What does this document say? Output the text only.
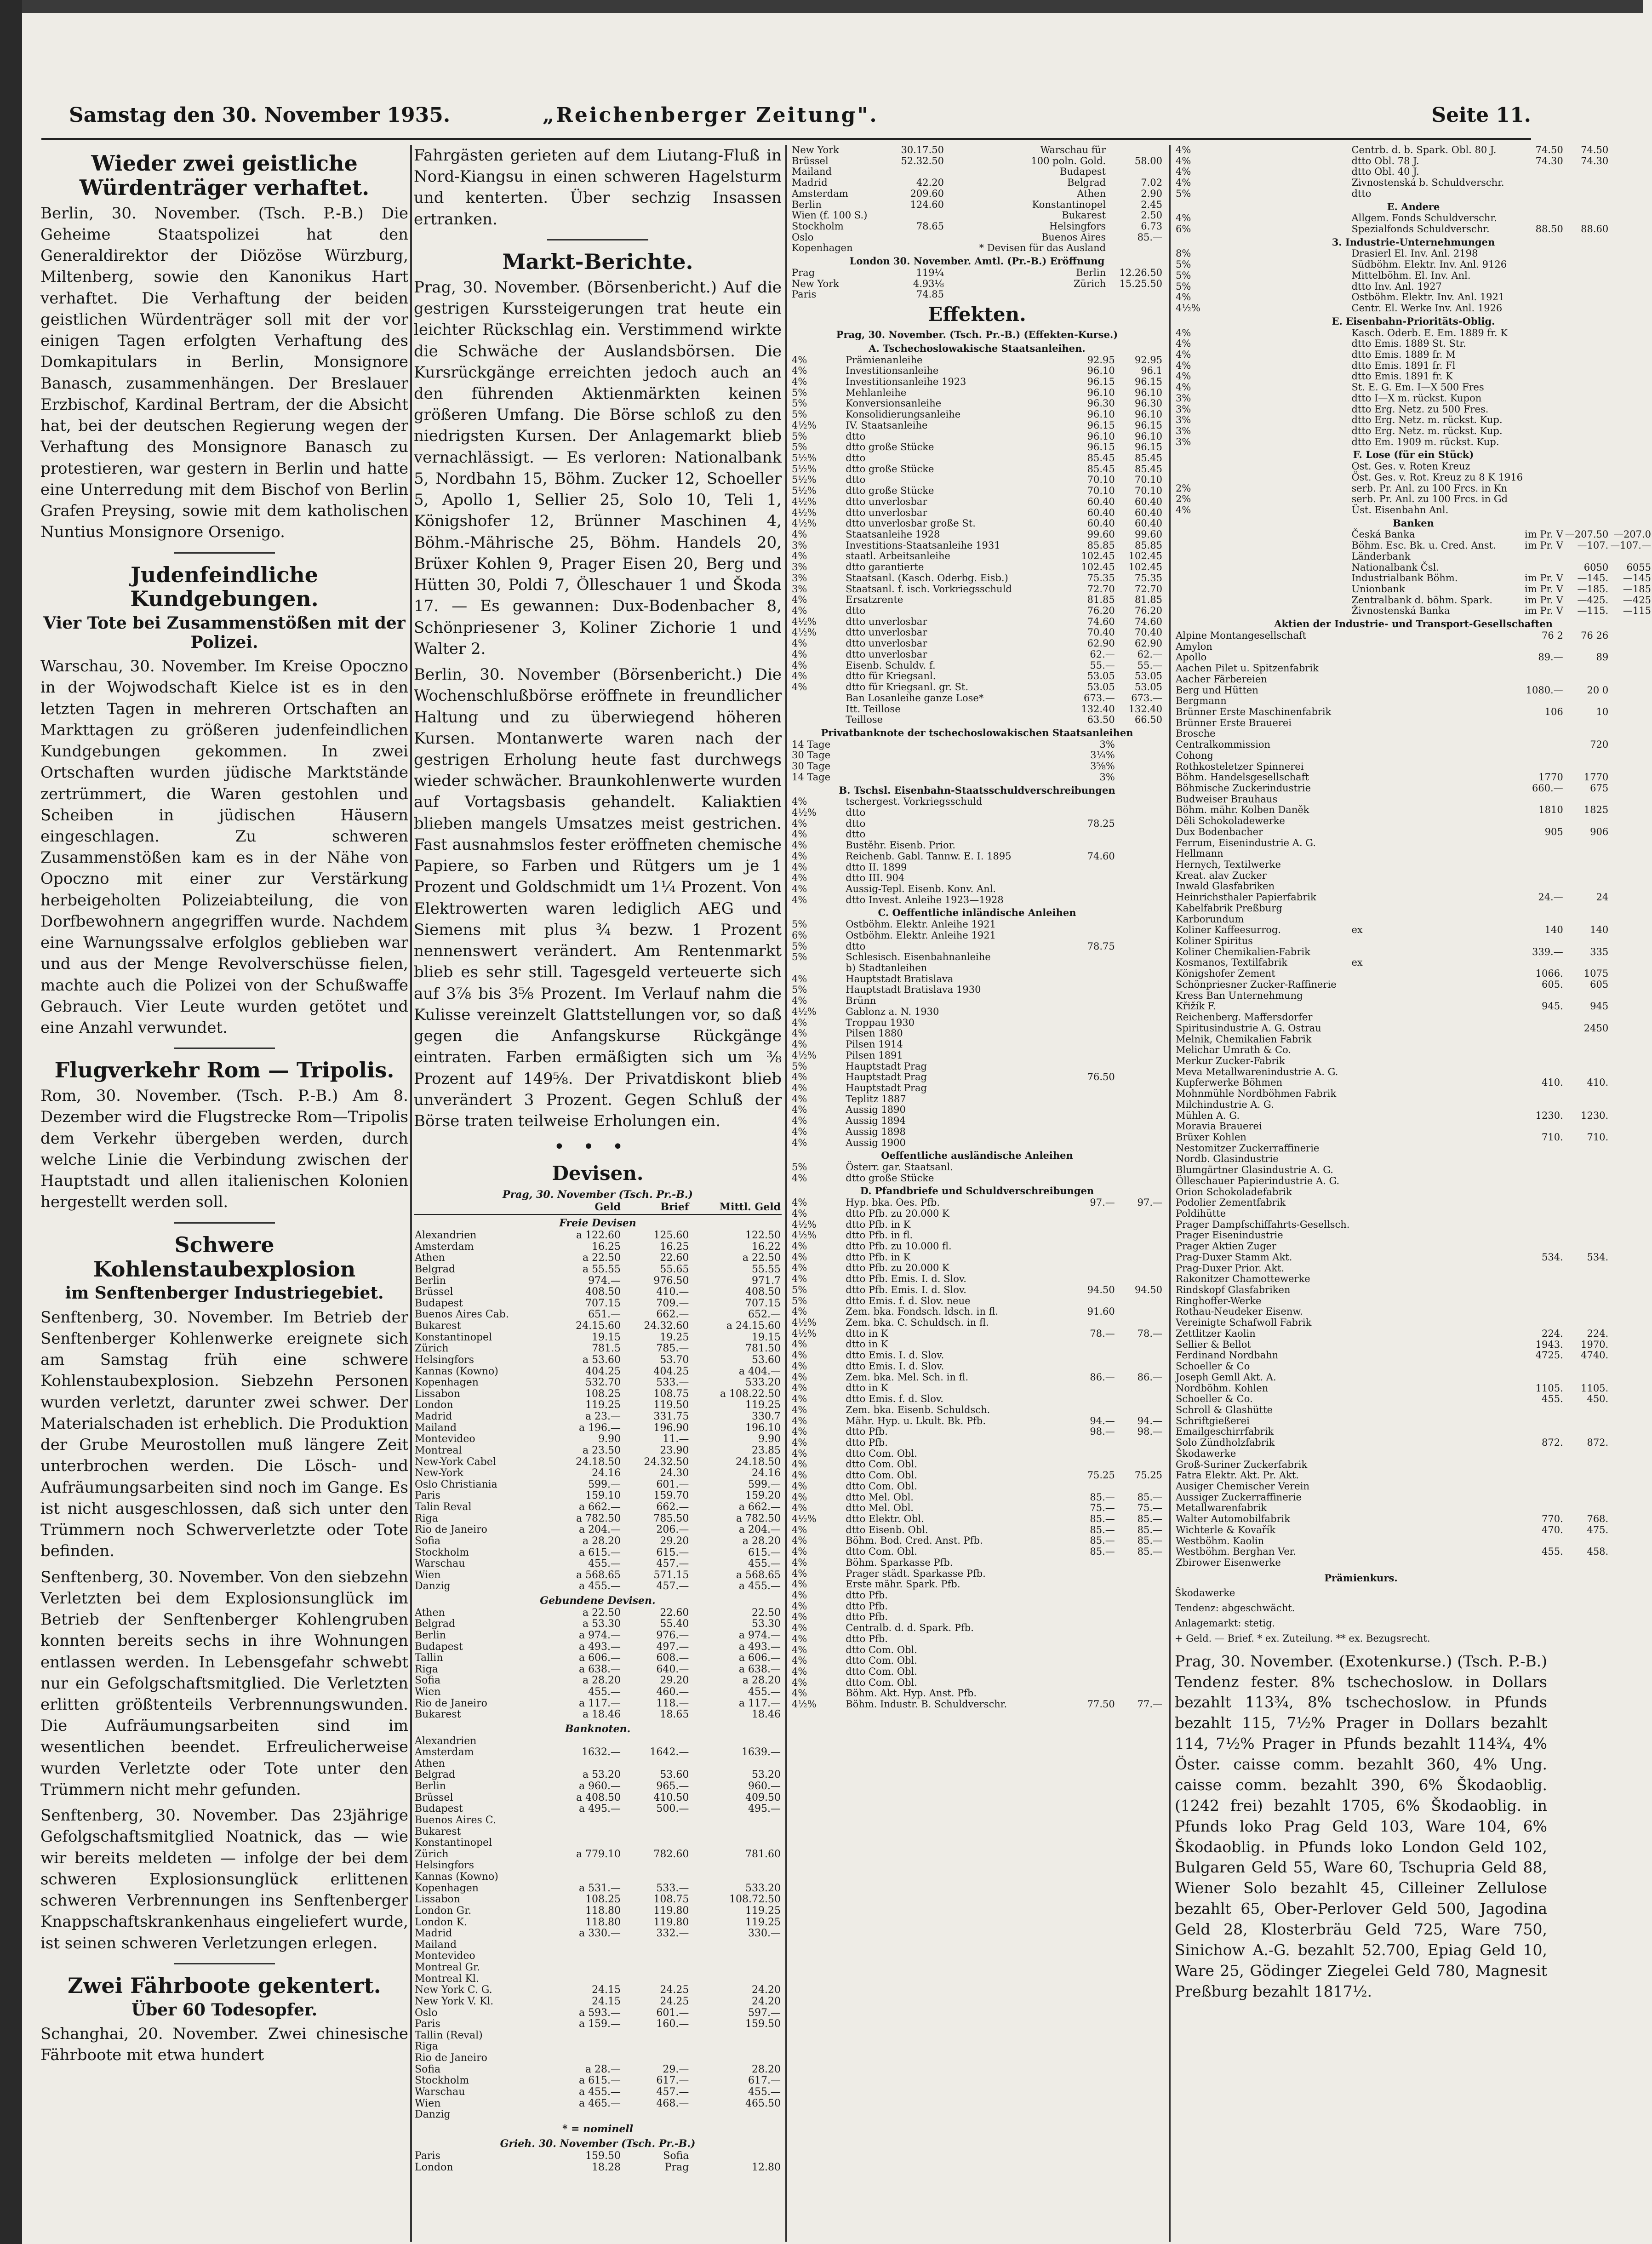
Samstag den 30. November 1935.	„Reichenberger Zeitung".	Seite 11.
Wieder zwei geistliche Würdenträger verhaftet.

Berlin, 30. November. (Tsch. P.-B.) Die Geheime Staatspolizei hat den Generaldirektor der Diözöse Würzburg, Miltenberg, sowie den Kanonikus Hart verhaftet. Die Verhaftung der beiden geistlichen Würdenträger soll mit der vor einigen Tagen erfolgten Verhaftung des Domkapitulars in Berlin, Monsignore Banasch, zusammenhängen. Der Breslauer Erzbischof, Kardinal Bertram, der die Absicht hat, bei der deutschen Regierung wegen der Verhaftung des Monsignore Banasch zu protestieren, war gestern in Berlin und hatte eine Unterredung mit dem Bischof von Berlin Grafen Preysing, sowie mit dem katholischen Nuntius Monsignore Orsenigo.

Judenfeindliche Kundgebungen.
Vier Tote bei Zusammenstößen mit der Polizei.

Warschau, 30. November. Im Kreise Opoczno in der Wojwodschaft Kielce ist es in den letzten Tagen in mehreren Ortschaften an Markttagen zu größeren judenfeindlichen Kundgebungen gekommen. In zwei Ortschaften wurden jüdische Marktstände zertrümmert, die Waren gestohlen und Scheiben in jüdischen Häusern eingeschlagen. Zu schweren Zusammenstößen kam es in der Nähe von Opoczno mit einer zur Verstärkung herbeigeholten Polizeiabteilung, die von Dorfbewohnern angegriffen wurde. Nachdem eine Warnungssalve erfolglos geblieben war und aus der Menge Revolverschüsse fielen, machte auch die Polizei von der Schußwaffe Gebrauch. Vier Leute wurden getötet und eine Anzahl verwundet.

Flugverkehr Rom — Tripolis.

Rom, 30. November. (Tsch. P.-B.) Am 8. Dezember wird die Flugstrecke Rom—Tripolis dem Verkehr übergeben werden, durch welche Linie die Verbindung zwischen der Hauptstadt und allen italienischen Kolonien hergestellt werden soll.

Schwere Kohlenstaubexplosion
im Senftenberger Industriegebiet.

Senftenberg, 30. November. Im Betrieb der Senftenberger Kohlenwerke ereignete sich am Samstag früh eine schwere Kohlenstaubexplosion. Siebzehn Personen wurden verletzt, darunter zwei schwer. Der Materialschaden ist erheblich. Die Produktion der Grube Meurostollen muß längere Zeit unterbrochen werden. Die Lösch- und Aufräumungsarbeiten sind noch im Gange. Es ist nicht ausgeschlossen, daß sich unter den Trümmern noch Schwerverletzte oder Tote befinden.

Senftenberg, 30. November. Von den siebzehn Verletzten bei dem Explosionsunglück im Betrieb der Senftenberger Kohlengruben konnten bereits sechs in ihre Wohnungen entlassen werden. In Lebensgefahr schwebt nur ein Gefolgschaftsmitglied. Die Verletzten erlitten größtenteils Verbrennungswunden. Die Aufräumungsarbeiten sind im wesentlichen beendet. Erfreulicherweise wurden Verletzte oder Tote unter den Trümmern nicht mehr gefunden.

Senftenberg, 30. November. Das 23jährige Gefolgschaftsmitglied Noatnick, das — wie wir bereits meldeten — infolge der bei dem schweren Explosionsunglück erlittenen schweren Verbrennungen ins Senftenberger Knappschaftskrankenhaus eingeliefert wurde, ist seinen schweren Verletzungen erlegen.

Zwei Fährboote gekentert.
Über 60 Todesopfer.

Schanghai, 20. November. Zwei chinesische Fährboote mit etwa hundert

Fahrgästen gerieten auf dem Liutang-Fluß in Nord-Kiangsu in einen schweren Hagelsturm und kenterten. Über sechzig Insassen ertranken.

Markt-Berichte.

Prag, 30. November. (Börsenbericht.) Auf die gestrigen Kurssteigerungen trat heute ein leichter Rückschlag ein. Verstimmend wirkte die Schwäche der Auslandsbörsen. Die Kursrückgänge erreichten jedoch auch an den führenden Aktienmärkten keinen größeren Umfang. Die Börse schloß zu den niedrigsten Kursen. Der Anlagemarkt blieb vernachlässigt. — Es verloren: Nationalbank 5, Nordbahn 15, Böhm. Zucker 12, Schoeller 5, Apollo 1, Sellier 25, Solo 10, Teli 1, Königshofer 12, Brünner Maschinen 4, Böhm.-Mährische 25, Böhm. Handels 20, Brüxer Kohlen 9, Prager Eisen 20, Berg und Hütten 30, Poldi 7, Ölleschauer 1 und Škoda 17. — Es gewannen: Dux-Bodenbacher 8, Schönpriesener 3, Koliner Zichorie 1 und Walter 2.

Berlin, 30. November (Börsenbericht.) Die Wochenschlußbörse eröffnete in freundlicher Haltung und zu überwiegend höheren Kursen. Montanwerte waren nach der gestrigen Erholung heute fast durchwegs wieder schwächer. Braunkohlenwerte wurden auf Vortagsbasis gehandelt. Kaliaktien blieben mangels Umsatzes meist gestrichen. Fast ausnahmslos fester eröffneten chemische Papiere, so Farben und Rütgers um je 1 Prozent und Goldschmidt um 1¼ Prozent. Von Elektrowerten waren lediglich AEG und Siemens mit plus ¾ bezw. 1 Prozent nennenswert verändert. Am Rentenmarkt blieb es sehr still. Tagesgeld verteuerte sich auf 3⅞ bis 3⅝ Prozent. Im Verlauf nahm die Kulisse vereinzelt Glattstellungen vor, so daß gegen die Anfangskurse Rückgänge eintraten. Farben ermäßigten sich um ⅜ Prozent auf 149⅝. Der Privatdiskont blieb unverändert 3 Prozent. Gegen Schluß der Börse traten teilweise Erholungen ein.

•••
Devisen.
Prag, 30. November (Tsch. Pr.-B.)			
	Geld	Brief	Mittl. Geld
Freie Devisen			
Alexandrien	a 122.60	125.60	122.50
Amsterdam	16.25	16.25	16.22
Athen	a 22.50	22.60	a 22.50
Belgrad	a 55.55	55.65	55.55
Berlin	974.—	976.50	971.7
Brüssel	408.50	410.—	408.50
Budapest	707.15	709.—	707.15
Buenos Aires Cab.	651.—	662.—	652.—
Bukarest	24.15.60	24.32.60	a 24.15.60
Konstantinopel	19.15	19.25	19.15
Zürich	781.5	785.—	781.50
Helsingfors	a 53.60	53.70	53.60
Kannas (Kowno)	404.25	404.25	a 404.—
Kopenhagen	532.70	533.—	533.20
Lissabon	108.25	108.75	a 108.22.50
London	119.25	119.50	119.25
Madrid	a 23.—	331.75	330.7
Mailand	a 196.—	196.90	196.10
Montevideo	9.90	11.—	9.90
Montreal	a 23.50	23.90	23.85
New-York Cabel	24.18.50	24.32.50	24.18.50
New-York	24.16	24.30	24.16
Oslo Christiania	599.—	601.—	599.—
Paris	159.10	159.70	159.20
Talin Reval	a 662.—	662.—	a 662.—
Riga	a 782.50	785.50	a 782.50
Rio de Janeiro	a 204.—	206.—	a 204.—
Sofia	a 28.20	29.20	a 28.20
Stockholm	a 615.—	615.—	615.—
Warschau	455.—	457.—	455.—
Wien	a 568.65	571.15	a 568.65
Danzig	a 455.—	457.—	a 455.—
Gebundene Devisen.			
Athen	a 22.50	22.60	22.50
Belgrad	a 53.30	55.40	53.30
Berlin	a 974.—	976.—	a 974.—
Budapest	a 493.—	497.—	a 493.—
Tallin	a 606.—	608.—	a 606.—
Riga	a 638.—	640.—	a 638.—
Sofia	a 28.20	29.20	a 28.20
Wien	455.—	460.—	455.—
Rio de Janeiro	a 117.—	118.—	a 117.—
Bukarest	a 18.46	18.65	18.46
Banknoten.			
Alexandrien			
Amsterdam	1632.—	1642.—	1639.—
Athen			
Belgrad	a 53.20	53.60	53.20
Berlin	a 960.—	965.—	960.—
Brüssel	a 408.50	410.50	409.50
Budapest	a 495.—	500.—	495.—
Buenos Aires C.			
Bukarest			
Konstantinopel			
Zürich	a 779.10	782.60	781.60
Helsingfors			
Kannas (Kowno)			
Kopenhagen	a 531.—	533.—	533.20
Lissabon	108.25	108.75	108.72.50
London Gr.	118.80	119.80	119.25
London K.	118.80	119.80	119.25
Madrid	a 330.—	332.—	330.—
Mailand			
Montevideo			
Montreal Gr.			
Montreal Kl.			
New York C. G.	24.15	24.25	24.20
New York V. Kl.	24.15	24.25	24.20
Oslo	a 593.—	601.—	597.—
Paris	a 159.—	160.—	159.50
Tallin (Reval)			
Riga			
Rio de Janeiro			
Sofia	a 28.—	29.—	28.20
Stockholm	a 615.—	617.—	617.—
Warschau	a 455.—	457.—	455.—
Wien	a 465.—	468.—	465.50
Danzig			
* = nominell			
Grieh. 30. November (Tsch. Pr.-B.)			
Paris	159.50	Sofia	
London	18.28	Prag	12.80
New York	30.17.50	Warschau für	
Brüssel	52.32.50	100 poln. Gold.	58.00
Mailand		Budapest	
Madrid	42.20	Belgrad	7.02
Amsterdam	209.60	Athen	2.90
Berlin	124.60	Konstantinopel	2.45
Wien (f. 100 S.)		Bukarest	2.50
Stockholm	78.65	Helsingfors	6.73
Oslo		Buenos Aires	85.—
Kopenhagen		* Devisen für das Ausland	
London 30. November. Amtl. (Pr.-B.) Eröffnung			
Prag	119¼	Berlin	12.26.50
New York	4.93⅛	Zürich	15.25.50
Paris	74.85		
Effekten.
Prag, 30. November. (Tsch. Pr.-B.) (Effekten-Kurse.)			
A. Tschechoslowakische Staatsanleihen.			
4%	Prämienanleihe	92.95	92.95
4%	Investitionsanleihe	96.10	96.1
4%	Investitionsanleihe 1923	96.15	96.15
5%	Mehlanleihe	96.10	96.10
5%	Konversionsanleihe	96.30	96.30
5%	Konsolidierungsanleihe	96.10	96.10
4½%	IV. Staatsanleihe	96.15	96.15
5%	dtto	96.10	96.10
5%	dtto große Stücke	96.15	96.15
5½%	dtto	85.45	85.45
5½%	dtto große Stücke	85.45	85.45
5½%	dtto	70.10	70.10
5½%	dtto große Stücke	70.10	70.10
4½%	dtto unverlosbar	60.40	60.40
4½%	dtto unverlosbar	60.40	60.40
4½%	dtto unverlosbar große St.	60.40	60.40
4%	Staatsanleihe 1928	99.60	99.60
3%	Investitions-Staatsanleihe 1931	85.85	85.85
4%	staatl. Arbeitsanleihe	102.45	102.45
3%	dtto garantierte	102.45	102.45
3%	Staatsanl. (Kasch. Oderbg. Eisb.)	75.35	75.35
3%	Staatsanl. f. isch. Vorkriegsschuld	72.70	72.70
4%	Ersatzrente	81.85	81.85
4%	dtto	76.20	76.20
4½%	dtto unverlosbar	74.60	74.60
4½%	dtto unverlosbar	70.40	70.40
4%	dtto unverlosbar	62.90	62.90
4%	dtto unverlosbar	62.—	62.—
4%	Eisenb. Schuldv. f.	55.—	55.—
4%	dtto für Kriegsanl.	53.05	53.05
4%	dtto für Kriegsanl. gr. St.	53.05	53.05
	Ban Losanleihe ganze Lose*	673.—	673.—
	Itt. Teillose	132.40	132.40
	Teillose	63.50	66.50
Privatbanknote der tschechoslowakischen Staatsanleihen			
14 Tage		3%	
30 Tage		3¼%	
30 Tage		3⅝%	
14 Tage		3%	
B. Tschsl. Eisenbahn-Staatsschuldverschreibungen			
4%	tschergest. Vorkriegsschuld		
4½%	dtto		
4%	dtto	78.25	
4%	dtto		
4%	Bustěhr. Eisenb. Prior.		
4%	Reichenb. Gabl. Tannw. E. I. 1895	74.60	
4%	dtto II. 1899		
4%	dtto III. 904		
4%	Aussig-Tepl. Eisenb. Konv. Anl.		
4%	dtto Invest. Anleihe 1923—1928		
C. Oeffentliche inländische Anleihen			
5%	Ostböhm. Elektr. Anleihe 1921		
6%	Ostböhm. Elektr. Anleihe 1921		
5%	dtto	78.75	
5%	Schlesisch. Eisenbahnanleihe		
	b) Stadtanleihen		
4%	Hauptstadt Bratislava		
5%	Hauptstadt Bratislava 1930		
4%	Brünn		
4½%	Gablonz a. N. 1930		
4%	Troppau 1930		
4%	Pilsen 1880		
4%	Pilsen 1914		
4½%	Pilsen 1891		
5%	Hauptstadt Prag		
4%	Hauptstadt Prag	76.50	
4%	Hauptstadt Prag		
4%	Teplitz 1887		
4%	Aussig 1890		
4%	Aussig 1894		
4%	Aussig 1898		
4%	Aussig 1900		
Oeffentliche ausländische Anleihen			
5%	Österr. gar. Staatsanl.		
4%	dtto große Stücke		
D. Pfandbriefe und Schuldverschreibungen			
4%	Hyp. bka. Oes. Pfb.	97.—	97.—
4%	dtto Pfb. zu 20.000 K		
4½%	dtto Pfb. in K		
4½%	dtto Pfb. in fl.		
4%	dtto Pfb. zu 10.000 fl.		
4%	dtto Pfb. in K		
4%	dtto Pfb. zu 20.000 K		
4%	dtto Pfb. Emis. I. d. Slov.		
5%	dtto Pfb. Emis. I. d. Slov.	94.50	94.50
5%	dtto Emis. f. d. Slov. neue		
4%	Zem. bka. Fondsch. ldsch. in fl.	91.60	
4½%	Zem. bka. C. Schuldsch. in fl.		
4½%	dtto in K	78.—	78.—
4%	dtto in K		
4%	dtto Emis. I. d. Slov.		
4%	dtto Emis. I. d. Slov.		
4%	Zem. bka. Mel. Sch. in fl.	86.—	86.—
4%	dtto in K		
4%	dtto Emis. f. d. Slov.		
4%	Zem. bka. Eisenb. Schuldsch.		
4%	Mähr. Hyp. u. Lkult. Bk. Pfb.	94.—	94.—
4%	dtto Pfb.	98.—	98.—
4%	dtto Pfb.		
4%	dtto Com. Obl.		
4%	dtto Com. Obl.		
4%	dtto Com. Obl.	75.25	75.25
4%	dtto Com. Obl.		
4%	dtto Mel. Obl.	85.—	85.—
4%	dtto Mel. Obl.	75.—	75.—
4½%	dtto Elektr. Obl.	85.—	85.—
4%	dtto Eisenb. Obl.	85.—	85.—
4%	Böhm. Bod. Cred. Anst. Pfb.	85.—	85.—
4%	dtto Com. Obl.	85.—	85.—
4%	Böhm. Sparkasse Pfb.		
4%	Prager städt. Sparkasse Pfb.		
4%	Erste mähr. Spark. Pfb.		
4%	dtto Pfb.		
4%	dtto Pfb.		
4%	dtto Pfb.		
4%	Centralb. d. d. Spark. Pfb.		
4%	dtto Pfb.		
4%	dtto Com. Obl.		
4%	dtto Com. Obl.		
4%	dtto Com. Obl.		
4%	dtto Com. Obl.		
4%	Böhm. Akt. Hyp. Anst. Pfb.		
4½%	Böhm. Industr. B. Schuldverschr.	77.50	77.—
4%	Centrb. d. b. Spark. Obl. 80 J.	74.50	74.50	
4%	dtto Obl. 78 J.	74.30	74.30	
4%	dtto Obl. 40 J.			
4%	Zivnostenská b. Schuldverschr.			
5%	dtto			
E. Andere				
4%	Allgem. Fonds Schuldverschr.			
6%	Spezialfonds Schuldverschr.	88.50	88.60	
3. Industrie-Unternehmungen				
8%	Drasierl El. Inv. Anl. 2198			
5%	Südböhm. Elektr. Inv. Anl. 9126			
5%	Mittelböhm. El. Inv. Anl.			
5%	dtto Inv. Anl. 1927			
4%	Ostböhm. Elektr. Inv. Anl. 1921			
4½%	Centr. El. Werke Inv. Anl. 1926			
E. Eisenbahn-Prioritäts-Oblig.				
4%	Kasch. Oderb. E. Em. 1889 fr. K			
4%	dtto Emis. 1889 St. Str.			
4%	dtto Emis. 1889 fr. M			
4%	dtto Emis. 1891 fr. Fl			
4%	dtto Emis. 1891 fr. K			
4%	St. E. G. Em. I—X 500 Fres			
3%	dtto I—X m. rückst. Kupon			
3%	dtto Erg. Netz. zu 500 Fres.			
3%	dtto Erg. Netz. m. rückst. Kup.			
3%	dtto Erg. Netz. m. rückst. Kup.			
3%	dtto Em. 1909 m. rückst. Kup.			
F. Lose (für ein Stück)				
	Ost. Ges. v. Roten Kreuz			
	Öst. Ges. v. Rot. Kreuz zu 8 K 1916			
2%	serb. Pr. Anl. zu 100 Frcs. in Kn			
2%	serb. Pr. Anl. zu 100 Frcs. in Gd			
4%	Üst. Eisenbahn Anl.			
Banken				
	Česká Banka	im Pr. V	—207.50	—207.0
	Böhm. Esc. Bk. u. Cred. Anst.	im Pr. V	—107.	—107.—
	Länderbank			
	Nationalbank Čsl.		6050	6055
	Industrialbank Böhm.	im Pr. V	—145.	—145
	Unionbank	im Pr. V	—185.	—185
	Zentralbank d. böhm. Spark.	im Pr. V	—425.	—425
	Živnostenská Banka	im Pr. V	—115.	—115
Aktien der Industrie- und Transport-Gesellschaften				
Alpine Montangesellschaft		76 2	76 26	
Amylon				
Apollo		89.—	89	
Aachen Pilet u. Spitzenfabrik				
Aacher Färbereien				
Berg und Hütten		1080.—	20 0	
Bergmann				
Brünner Erste Maschinenfabrik		106	10	
Brünner Erste Brauerei				
Brosche				
Centralkommission			720	
Cohong				
Rothkosteletzer Spinnerei				
Böhm. Handelsgesellschaft		1770	1770	
Böhmische Zuckerindustrie		660.—	675	
Budweiser Brauhaus				
Böhm. mähr. Kolben Daněk		1810	1825	
Děli Schokoladewerke				
Dux Bodenbacher		905	906	
Ferrum, Eisenindustrie A. G.				
Hellmann				
Hernych, Textilwerke				
Kreat. alav Zucker				
Inwald Glasfabriken				
Heinrichsthaler Papierfabrik		24.—	24	
Kabelfabrik Preßburg				
Karborundum				
Koliner Kaffeesurrog.	ex	140	140	
Koliner Spiritus				
Koliner Chemikalien-Fabrik		339.—	335	
Kosmanos, Textilfabrik	ex			
Königshofer Zement		1066.	1075	
Schönpriesner Zucker-Raffinerie		605.	605	
Kress Ban Unternehmung				
Křižík F.		945.	945	
Reichenberg. Maffersdorfer				
Spiritusindustrie A. G. Ostrau			2450	
Melnik, Chemikalien Fabrik				
Melichar Umrath & Co.				
Merkur Zucker-Fabrik				
Meva Metallwarenindustrie A. G.				
Kupferwerke Böhmen		410.	410.	
Mohnmühle Nordböhmen Fabrik				
Milchindustrie A. G.				
Mühlen A. G.		1230.	1230.	
Moravia Brauerei				
Brüxer Kohlen		710.	710.	
Nestomitzer Zuckerraffinerie				
Nordb. Glasindustrie				
Blumgärtner Glasindustrie A. G.				
Ölleschauer Papierindustrie A. G.				
Orion Schokoladefabrik				
Podolier Zementfabrik				
Poldihütte				
Prager Dampfschiffahrts-Gesellsch.				
Prager Eisenindustrie				
Prager Aktien Zuger				
Prag-Duxer Stamm Akt.		534.	534.	
Prag-Duxer Prior. Akt.				
Rakonitzer Chamottewerke				
Rindskopf Glasfabriken				
Ringhoffer-Werke				
Rothau-Neudeker Eisenw.				
Vereinigte Schafwoll Fabrik				
Zettlitzer Kaolin		224.	224.	
Sellier & Bellot		1943.	1970.	
Ferdinand Nordbahn		4725.	4740.	
Schoeller & Co				
Joseph Gemll Akt. A.				
Nordböhm. Kohlen		1105.	1105.	
Schoeller & Co.		455.	450.	
Schroll & Glashütte				
Schriftgießerei				
Emailgeschirrfabrik				
Solo Zündholzfabrik		872.	872.	
Škodawerke				
Groß-Suriner Zuckerfabrik				
Fatra Elektr. Akt. Pr. Akt.				
Ausiger Chemischer Verein				
Aussiger Zuckerraffinerie				
Metallwarenfabrik				
Walter Automobilfabrik		770.	768.	
Wichterle & Kovařík		470.	475.	
Westböhm. Kaolin				
Westböhm. Berghan Ver.		455.	458.	
Zbirower Eisenwerke				
Prämienkurs.
Škodawerke
Tendenz: abgeschwächt.
Anlagemarkt: stetig.
+ Geld. — Brief. * ex. Zuteilung. ** ex. Bezugsrecht.

Prag, 30. November. (Exotenkurse.) (Tsch. P.-B.) Tendenz fester. 8% tschechoslow. in Dollars bezahlt 113¾, 8% tschechoslow. in Pfunds bezahlt 115, 7½% Prager in Dollars bezahlt 114, 7½% Prager in Pfunds bezahlt 114¾, 4% Öster. caisse comm. bezahlt 360, 4% Ung. caisse comm. bezahlt 390, 6% Škodaoblig. (1242 frei) bezahlt 1705, 6% Škodaoblig. in Pfunds loko Prag Geld 103, Ware 104, 6% Škodaoblig. in Pfunds loko London Geld 102, Bulgaren Geld 55, Ware 60, Tschupria Geld 88, Wiener Solo bezahlt 45, Cilleiner Zellulose bezahlt 65, Ober-Perlover Geld 500, Jagodina Geld 28, Klosterbräu Geld 725, Ware 750, Sinichow A.-G. bezahlt 52.700, Epiag Geld 10, Ware 25, Gödinger Ziegelei Geld 780, Magnesit Preßburg bezahlt 1817½.
